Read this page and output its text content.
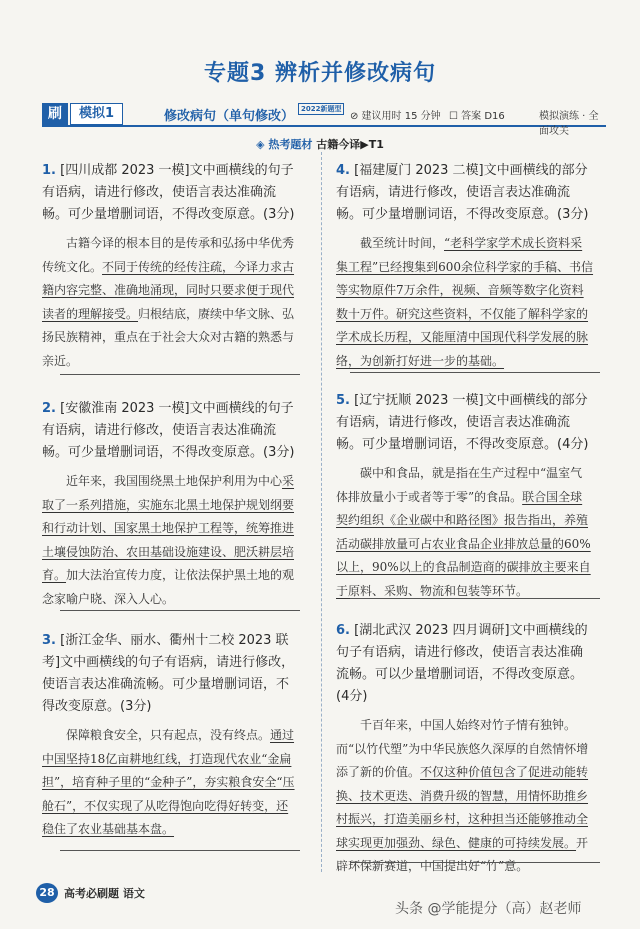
专题3 辨析并修改病句
刷	模拟1	修改病句（单句修改） 2022新题型
⊘ 建议用时 15 分钟 ☐ 答案 D16	模拟演练 · 全面攻关
◈ 热考题材 古籍今译▶T1
1. [四川成都 2023 一模]文中画横线的句子有语病，请进行修改，使语言表达准确流畅。可少量增删词语，不得改变原意。(3分)
古籍今译的根本目的是传承和弘扬中华优秀传统文化。不同于传统的经传注疏，今译力求古籍内容完整、准确地涌现，同时只要求便于现代读者的理解接受。归根结底，赓续中华文脉、弘扬民族精神，重点在于社会大众对古籍的熟悉与亲近。
2. [安徽淮南 2023 一模]文中画横线的句子有语病，请进行修改，使语言表达准确流畅。可少量增删词语，不得改变原意。(3分)
近年来，我国围绕黑土地保护利用为中心采取了一系列措施，实施东北黑土地保护规划纲要和行动计划、国家黑土地保护工程等，统筹推进土壤侵蚀防治、农田基础设施建设、肥沃耕层培育。加大法治宣传力度，让依法保护黑土地的观念家喻户晓、深入人心。
3. [浙江金华、丽水、衢州十二校 2023 联考]文中画横线的句子有语病，请进行修改，使语言表达准确流畅。可少量增删词语，不得改变原意。(3分)
保障粮食安全，只有起点，没有终点。通过中国坚持18亿亩耕地红线，打造现代农业“金扁担”，培育种子里的“金种子”，夯实粮食安全“压舱石”，不仅实现了从吃得饱向吃得好转变，还稳住了农业基础基本盘。
4. [福建厦门 2023 二模]文中画横线的部分有语病，请进行修改，使语言表达准确流畅。可少量增删词语，不得改变原意。(3分)
截至统计时间，“老科学家学术成长资料采集工程”已经搜集到600余位科学家的手稿、书信等实物原件7万余件，视频、音频等数字化资料数十万件。研究这些资料，不仅能了解科学家的学术成长历程，又能厘清中国现代科学发展的脉络，为创新打好进一步的基础。
5. [辽宁抚顺 2023 一模]文中画横线的部分有语病，请进行修改，使语言表达准确流畅。可少量增删词语，不得改变原意。(4分)
碳中和食品，就是指在生产过程中“温室气体排放量小于或者等于零”的食品。联合国全球契约组织《企业碳中和路径图》报告指出，养殖活动碳排放量可占农业食品企业排放总量的60%以上，90%以上的食品制造商的碳排放主要来自于原料、采购、物流和包装等环节。
6. [湖北武汉 2023 四月调研]文中画横线的句子有语病，请进行修改，使语言表达准确流畅。可以少量增删词语，不得改变原意。(4分)
千百年来，中国人始终对竹子情有独钟。而“以竹代塑”为中华民族悠久深厚的自然情怀增添了新的价值。不仅这种价值包含了促进动能转换、技术更迭、消费升级的智慧，用情怀助推乡村振兴，打造美丽乡村，这种担当还能够推动全球实现更加强劲、绿色、健康的可持续发展。开辟环保新赛道，中国提出好“竹”意。
28 高考必刷题 语文
头条 @学能提分（高）赵老师
